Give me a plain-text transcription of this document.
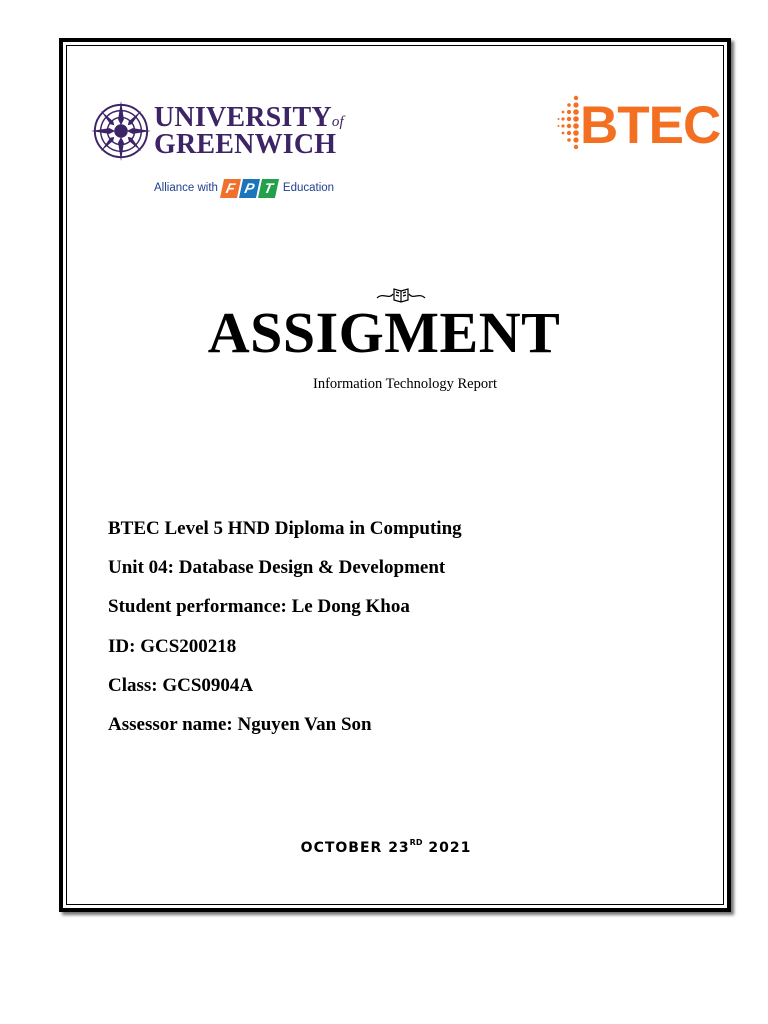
UNIVERSITYof
GREENWICH
Alliance with F P T Education
BTEC
ASSIGMENT
Information Technology Report
BTEC Level 5 HND Diploma in Computing
Unit 04: Database Design & Development
Student performance: Le Dong Khoa
ID: GCS200218
Class: GCS0904A
Assessor name: Nguyen Van Son
OCTOBER 23RD 2021
